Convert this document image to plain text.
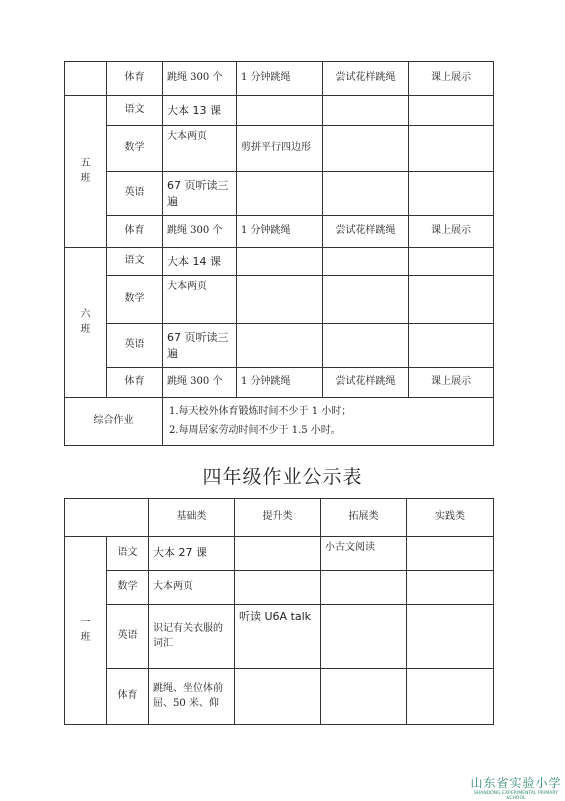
	体育	跳绳 300 个	1 分钟跳绳	尝试花样跳绳	课上展示
五
班	语文	大本 13 课			
	数学	大本两页	剪拼平行四边形		
	英语	67 页听读三遍			
	体育	跳绳 300 个	1 分钟跳绳	尝试花样跳绳	课上展示
六
班	语文	大本 14 课			
	数学	大本两页			
	英语	67 页听读三遍			
	体育	跳绳 300 个	1 分钟跳绳	尝试花样跳绳	课上展示
综合作业		1.每天校外体育锻炼时间不少于 1 小时；
2.每周居家劳动时间不少于 1.5 小时。			
四年级作业公示表
		基础类	提升类	拓展类	实践类
一
班	语文	大本 27 课		小古文阅读	
	数学	大本两页			
	英语	识记有关衣服的词汇	听读 U6A talk		
	体育	跳绳、坐位体前屈、50 米、仰			
山东省实验小学
SHANDONG EXPERIMENTAL PRIMARY SCHOOL
